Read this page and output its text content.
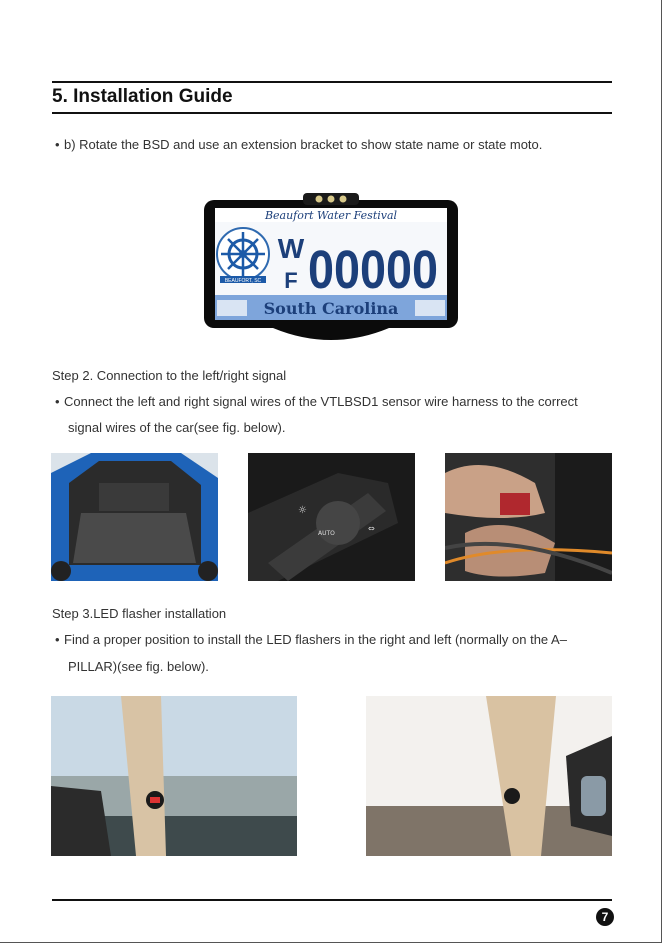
5. Installation Guide
• b) Rotate the BSD and use an extension bracket to show state name or state moto.
Beaufort Water Festival
BEAUFORT, SC
W
F 00000
South Carolina
Step 2. Connection to the left/right signal
• Connect the left and right signal wires of the VTLBSD1 sensor wire harness to the correct
signal wires of the car(see fig. below).
☼
AUTO
⇔
Step 3.LED flasher installation
• Find a proper position to install the LED flashers in the right and left (normally on the A–
PILLAR)(see fig. below).
7
